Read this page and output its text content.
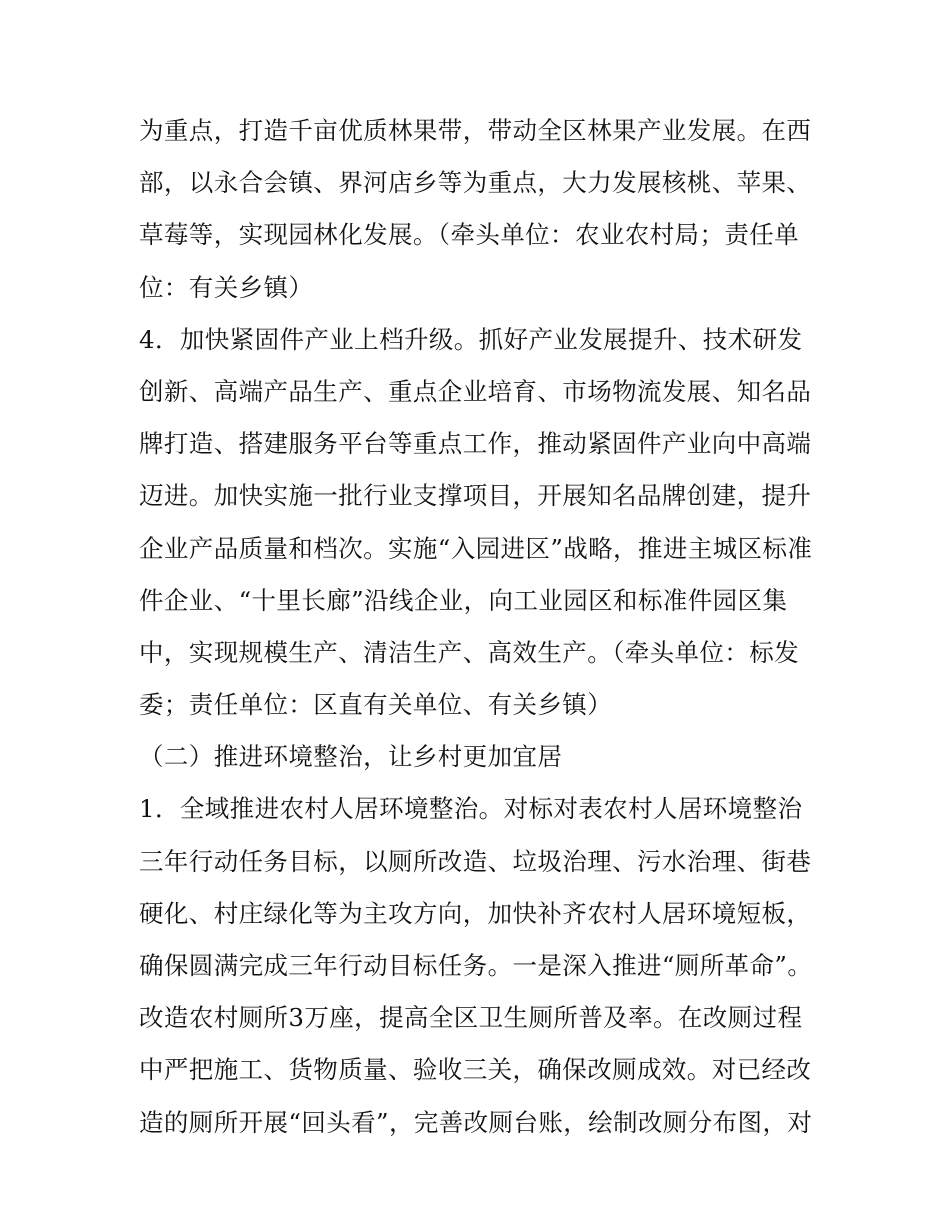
为重点，打造千亩优质林果带，带动全区林果产业发展。在西
部，以永合会镇、界河店乡等为重点，大力发展核桃、苹果、
草莓等，实现园林化发展。（牵头单位：农业农村局；责任单
位：有关乡镇）
4．加快紧固件产业上档升级。抓好产业发展提升、技术研发
创新、高端产品生产、重点企业培育、市场物流发展、知名品
牌打造、搭建服务平台等重点工作，推动紧固件产业向中高端
迈进。加快实施一批行业支撑项目，开展知名品牌创建，提升
企业产品质量和档次。实施“入园进区”战略，推进主城区标准
件企业、“十里长廊”沿线企业，向工业园区和标准件园区集
中，实现规模生产、清洁生产、高效生产。（牵头单位：标发
委；责任单位：区直有关单位、有关乡镇）
（二）推进环境整治，让乡村更加宜居
1．全域推进农村人居环境整治。对标对表农村人居环境整治
三年行动任务目标，以厕所改造、垃圾治理、污水治理、街巷
硬化、村庄绿化等为主攻方向，加快补齐农村人居环境短板，
确保圆满完成三年行动目标任务。一是深入推进“厕所革命”。
改造农村厕所3万座，提高全区卫生厕所普及率。在改厕过程
中严把施工、货物质量、验收三关，确保改厕成效。对已经改
造的厕所开展“回头看”，完善改厕台账，绘制改厕分布图，对
